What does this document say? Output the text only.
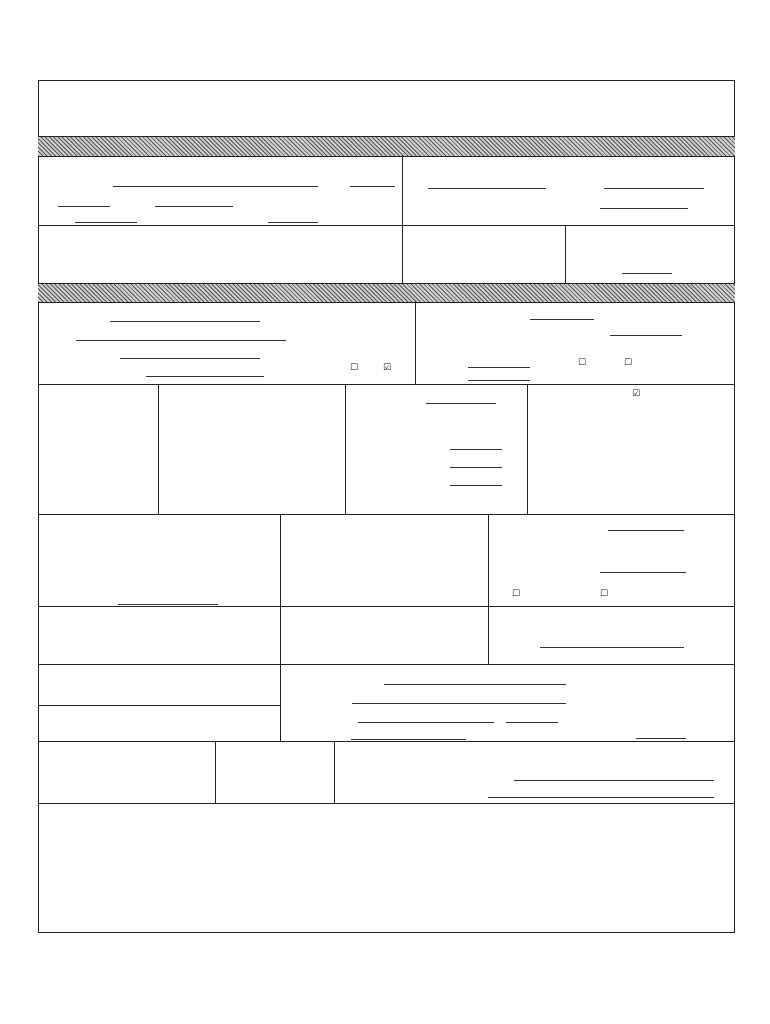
☐	☑	☐	☐
☑
☐	☐
